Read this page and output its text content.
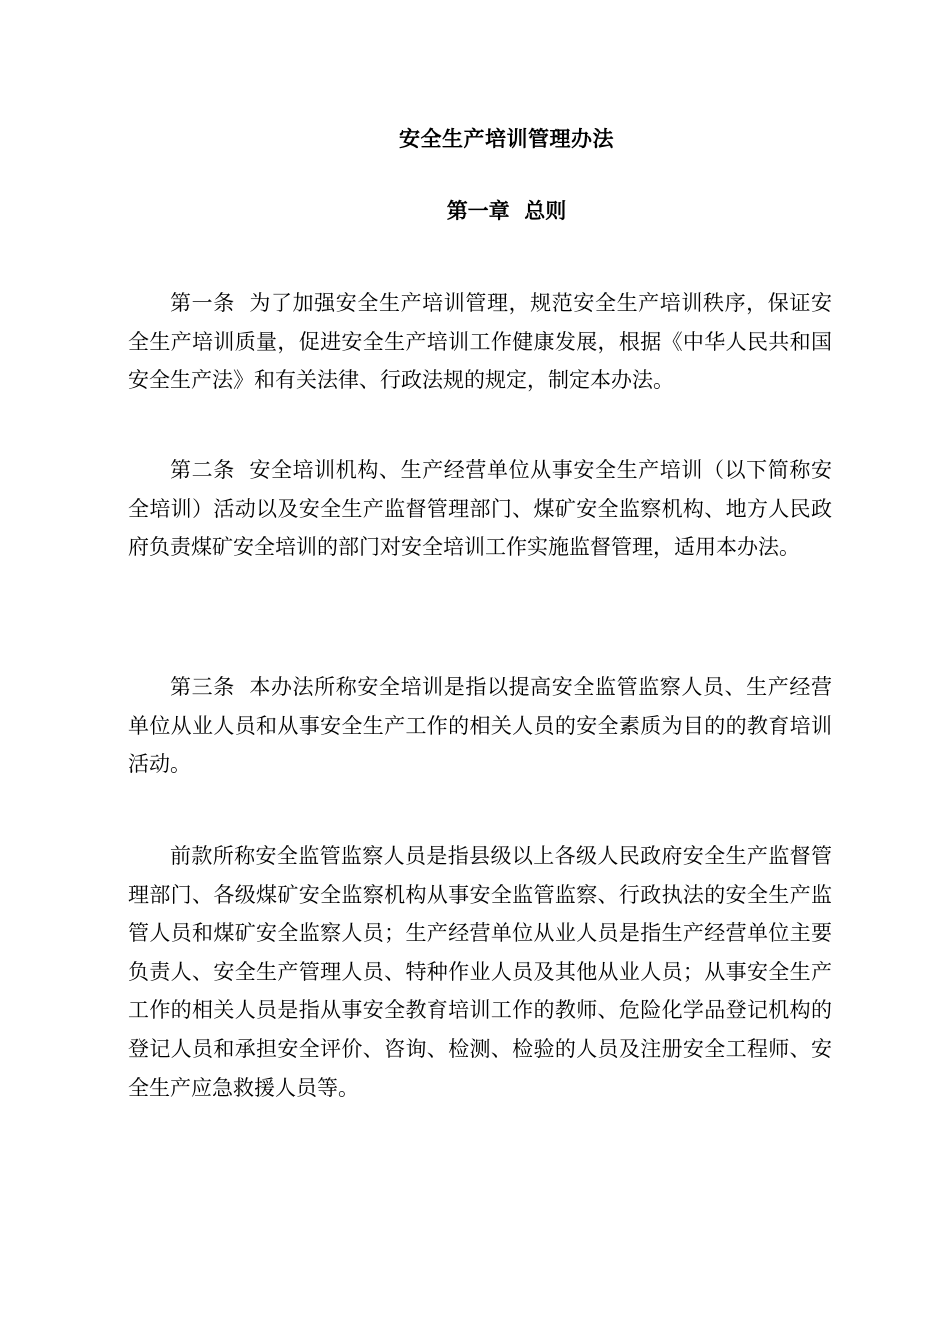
安全生产培训管理办法
第一章  总则

第一条  为了加强安全生产培训管理，规范安全生产培训秩序，保证安全生产培训质量，促进安全生产培训工作健康发展，根据《中华人民共和国安全生产法》和有关法律、行政法规的规定，制定本办法。

第二条  安全培训机构、生产经营单位从事安全生产培训（以下简称安全培训）活动以及安全生产监督管理部门、煤矿安全监察机构、地方人民政府负责煤矿安全培训的部门对安全培训工作实施监督管理，适用本办法。

第三条  本办法所称安全培训是指以提高安全监管监察人员、生产经营单位从业人员和从事安全生产工作的相关人员的安全素质为目的的教育培训活动。

前款所称安全监管监察人员是指县级以上各级人民政府安全生产监督管理部门、各级煤矿安全监察机构从事安全监管监察、行政执法的安全生产监管人员和煤矿安全监察人员；生产经营单位从业人员是指生产经营单位主要负责人、安全生产管理人员、特种作业人员及其他从业人员；从事安全生产工作的相关人员是指从事安全教育培训工作的教师、危险化学品登记机构的登记人员和承担安全评价、咨询、检测、检验的人员及注册安全工程师、安全生产应急救援人员等。
